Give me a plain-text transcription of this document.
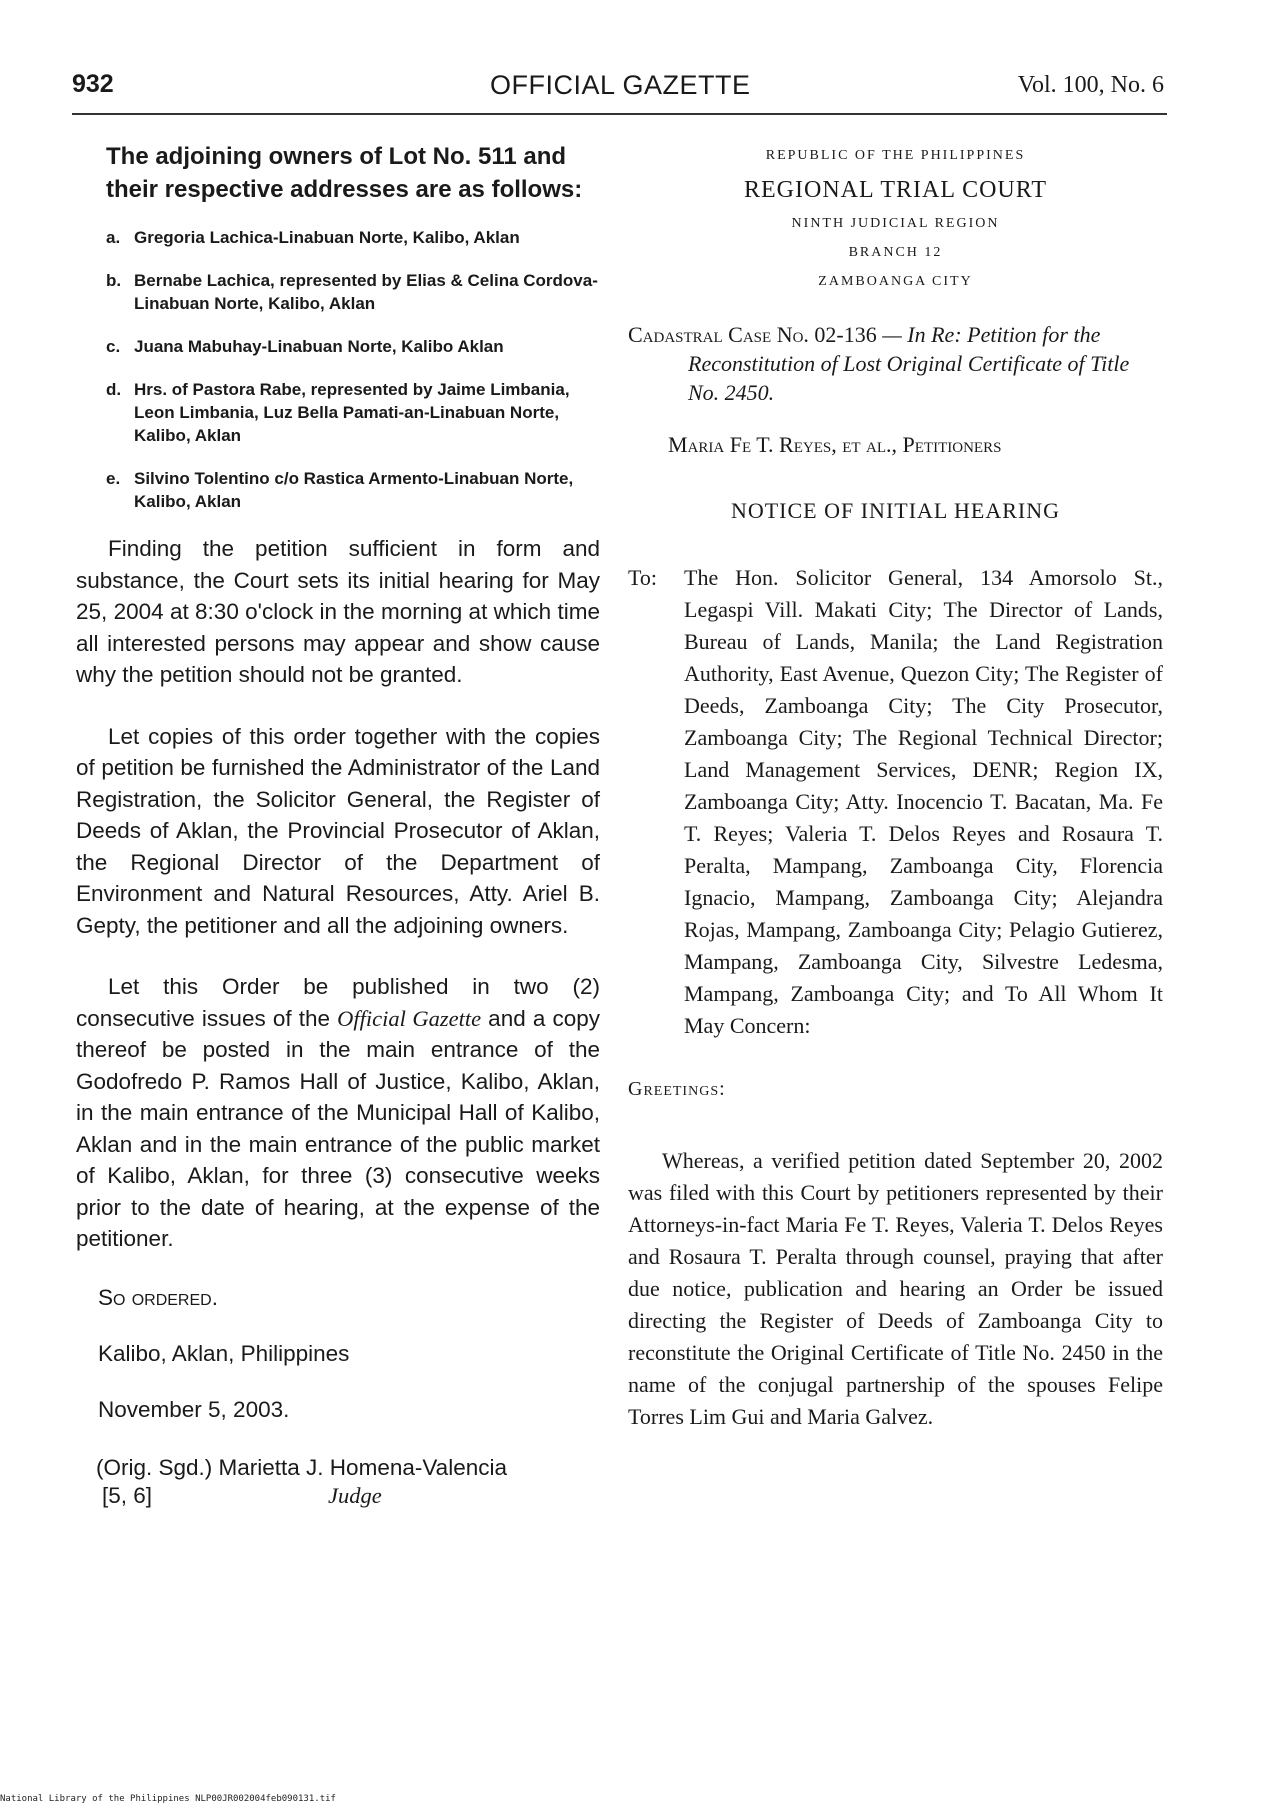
932	OFFICIAL GAZETTE	Vol. 100, No. 6

The adjoining owners of Lot No. 511 and their respective addresses are as follows:

a. Gregoria Lachica-Linabuan Norte, Kalibo, Aklan
b. Bernabe Lachica, represented by Elias & Celina Cordova-Linabuan Norte, Kalibo, Aklan
c. Juana Mabuhay-Linabuan Norte, Kalibo Aklan
d. Hrs. of Pastora Rabe, represented by Jaime Limbania, Leon Limbania, Luz Bella Pamati-an-Linabuan Norte, Kalibo, Aklan
e. Silvino Tolentino c/o Rastica Armento-Linabuan Norte, Kalibo, Aklan

Finding the petition sufficient in form and substance, the Court sets its initial hearing for May 25, 2004 at 8:30 o'clock in the morning at which time all interested persons may appear and show cause why the petition should not be granted.

Let copies of this order together with the copies of petition be furnished the Administrator of the Land Registration, the Solicitor General, the Register of Deeds of Aklan, the Provincial Prosecutor of Aklan, the Regional Director of the Department of Environment and Natural Resources, Atty. Ariel B. Gepty, the petitioner and all the adjoining owners.

Let this Order be published in two (2) consecutive issues of the Official Gazette and a copy thereof be posted in the main entrance of the Godofredo P. Ramos Hall of Justice, Kalibo, Aklan, in the main entrance of the Municipal Hall of Kalibo, Aklan and in the main entrance of the public market of Kalibo, Aklan, for three (3) consecutive weeks prior to the date of hearing, at the expense of the petitioner.

So ordered.

Kalibo, Aklan, Philippines

November 5, 2003.

(Orig. Sgd.) Marietta J. Homena-Valencia
[5, 6]	Judge

REPUBLIC OF THE PHILIPPINES

REGIONAL TRIAL COURT

NINTH JUDICIAL REGION

BRANCH 12

ZAMBOANGA CITY

Cadastral Case No. 02-136 — In Re: Petition for the Reconstitution of Lost Original Certificate of Title No. 2450.

Maria Fe T. Reyes, et al., Petitioners

NOTICE OF INITIAL HEARING

To:	The Hon. Solicitor General, 134 Amorsolo St., Legaspi Vill. Makati City; The Director of Lands, Bureau of Lands, Manila; the Land Registration Authority, East Avenue, Quezon City; The Register of Deeds, Zamboanga City; The City Prosecutor, Zamboanga City; The Regional Technical Director; Land Management Services, DENR; Region IX, Zamboanga City; Atty. Inocencio T. Bacatan, Ma. Fe T. Reyes; Valeria T. Delos Reyes and Rosaura T. Peralta, Mampang, Zamboanga City, Florencia Ignacio, Mampang, Zamboanga City; Alejandra Rojas, Mampang, Zamboanga City; Pelagio Gutierez, Mampang, Zamboanga City, Silvestre Ledesma, Mampang, Zamboanga City; and To All Whom It May Concern:

Greetings:

Whereas, a verified petition dated September 20, 2002 was filed with this Court by petitioners represented by their Attorneys-in-fact Maria Fe T. Reyes, Valeria T. Delos Reyes and Rosaura T. Peralta through counsel, praying that after due notice, publication and hearing an Order be issued directing the Register of Deeds of Zamboanga City to reconstitute the Original Certificate of Title No. 2450 in the name of the conjugal partnership of the spouses Felipe Torres Lim Gui and Maria Galvez.

National Library of the Philippines NLP00JR002004feb090131.tif
